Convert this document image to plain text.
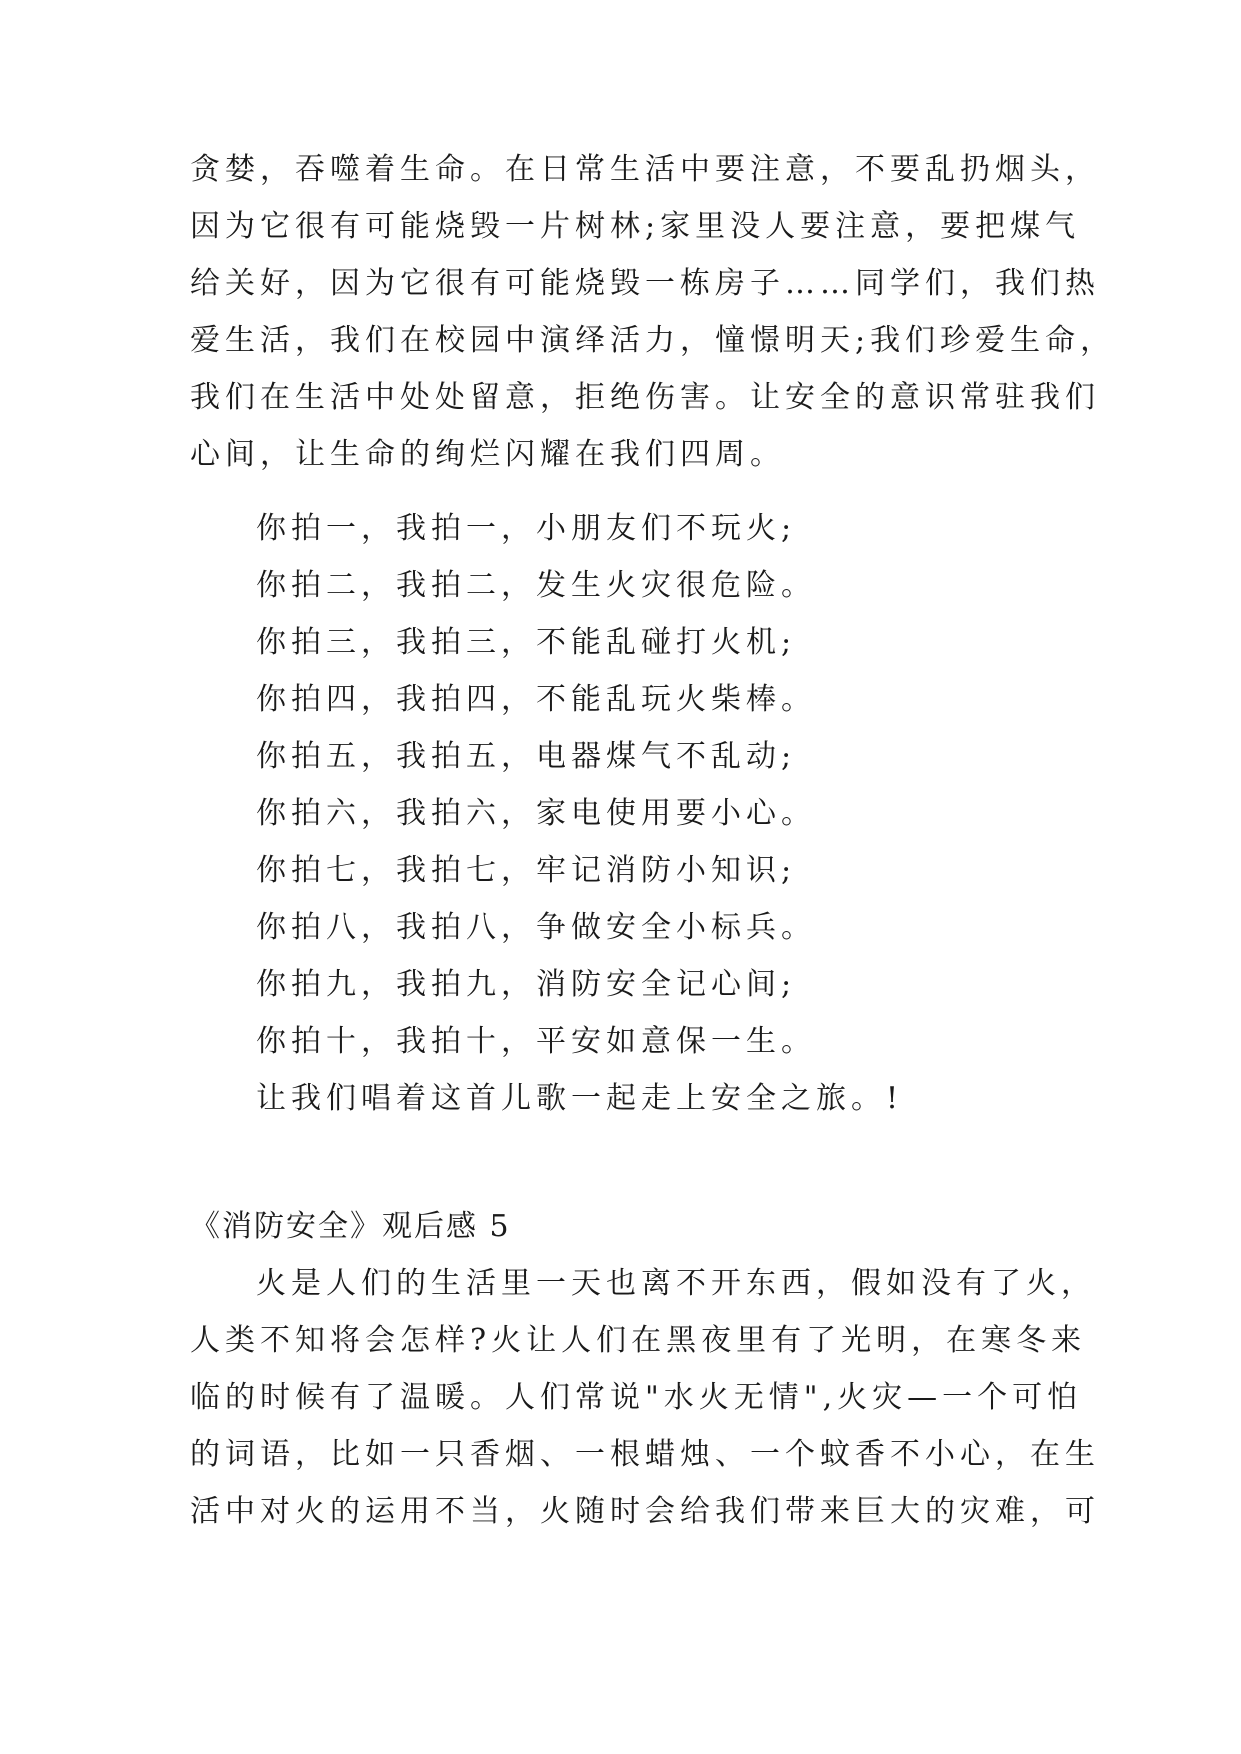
贪婪，吞噬着生命。在日常生活中要注意，不要乱扔烟头，
因为它很有可能烧毁一片树林;家里没人要注意，要把煤气
给关好，因为它很有可能烧毁一栋房子……同学们，我们热
爱生活，我们在校园中演绎活力，憧憬明天;我们珍爱生命，
我们在生活中处处留意，拒绝伤害。让安全的意识常驻我们
心间，让生命的绚烂闪耀在我们四周。
你拍一，我拍一，小朋友们不玩火;
你拍二，我拍二，发生火灾很危险。
你拍三，我拍三，不能乱碰打火机;
你拍四，我拍四，不能乱玩火柴棒。
你拍五，我拍五，电器煤气不乱动;
你拍六，我拍六，家电使用要小心。
你拍七，我拍七，牢记消防小知识;
你拍八，我拍八，争做安全小标兵。
你拍九，我拍九，消防安全记心间;
你拍十，我拍十，平安如意保一生。
让我们唱着这首儿歌一起走上安全之旅。!
《消防安全》观后感 5
火是人们的生活里一天也离不开东西，假如没有了火，
人类不知将会怎样?火让人们在黑夜里有了光明，在寒冬来
临的时候有了温暖。人们常说"水火无情",火灾—一个可怕
的词语，比如一只香烟、一根蜡烛、一个蚊香不小心，在生
活中对火的运用不当，火随时会给我们带来巨大的灾难，可
